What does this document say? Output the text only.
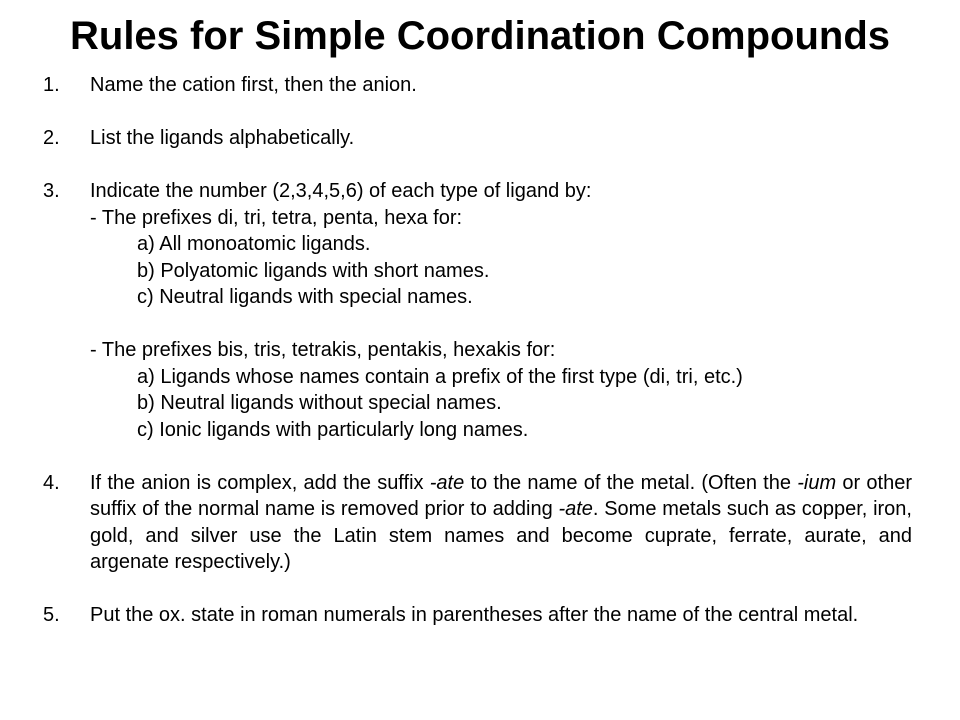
Rules for Simple Coordination Compounds
1. Name the cation first, then the anion.
2. List the ligands alphabetically.
3. Indicate the number (2,3,4,5,6) of each type of ligand by:
- The prefixes di, tri, tetra, penta, hexa for:
a) All monoatomic ligands.
b) Polyatomic ligands with short names.
c) Neutral ligands with special names.
- The prefixes bis, tris, tetrakis, pentakis, hexakis for:
a) Ligands whose names contain a prefix of the first type (di, tri, etc.)
b) Neutral ligands without special names.
c) Ionic ligands with particularly long names.
4. If the anion is complex, add the suffix -ate to the name of the metal. (Often the -ium or other suffix of the normal name is removed prior to adding -ate. Some metals such as copper, iron, gold, and silver use the Latin stem names and become cuprate, ferrate, aurate, and argenate respectively.)
5. Put the ox. state in roman numerals in parentheses after the name of the central metal.
